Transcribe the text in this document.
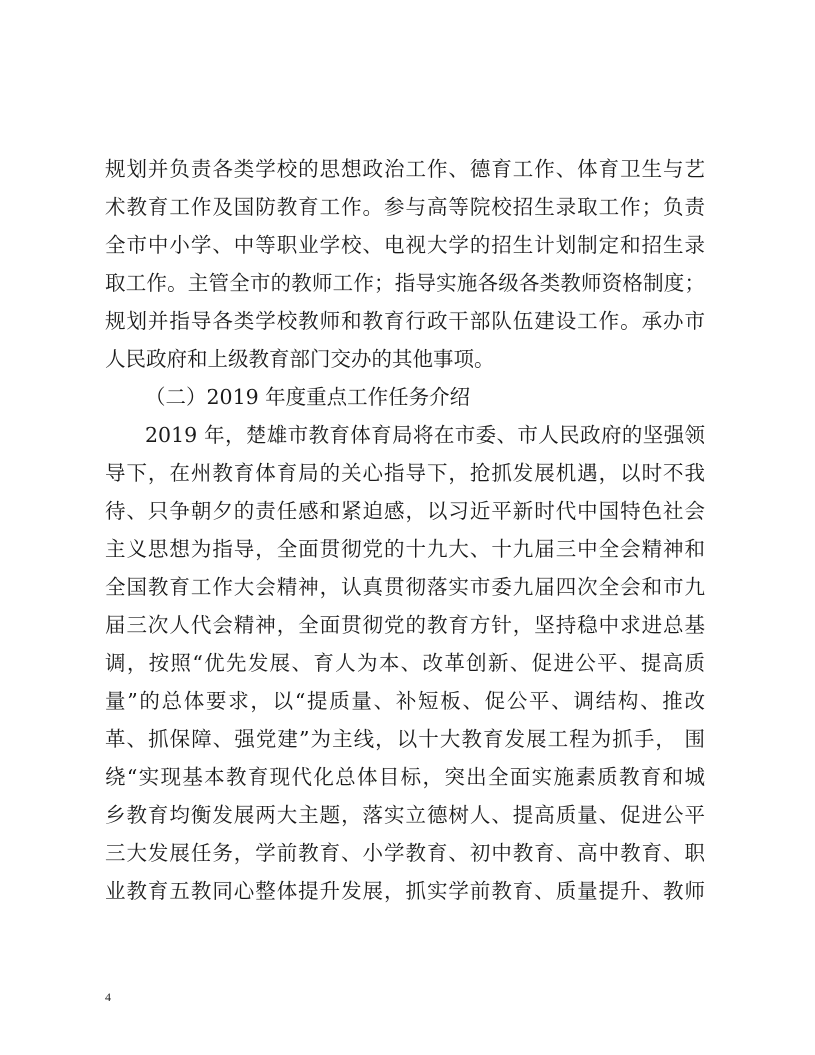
规划并负责各类学校的思想政治工作、德育工作、体育卫生与艺
术教育工作及国防教育工作。参与高等院校招生录取工作；负责
全市中小学、中等职业学校、电视大学的招生计划制定和招生录
取工作。主管全市的教师工作；指导实施各级各类教师资格制度；
规划并指导各类学校教师和教育行政干部队伍建设工作。承办市
人民政府和上级教育部门交办的其他事项。
（二）2019 年度重点工作任务介绍
2019 年，楚雄市教育体育局将在市委、市人民政府的坚强领
导下，在州教育体育局的关心指导下，抢抓发展机遇，以时不我
待、只争朝夕的责任感和紧迫感，以习近平新时代中国特色社会
主义思想为指导，全面贯彻党的十九大、十九届三中全会精神和
全国教育工作大会精神，认真贯彻落实市委九届四次全会和市九
届三次人代会精神，全面贯彻党的教育方针，坚持稳中求进总基
调，按照“优先发展、育人为本、改革创新、促进公平、提高质
量”的总体要求，以“提质量、补短板、促公平、调结构、推改
革、抓保障、强党建”为主线，以十大教育发展工程为抓手， 围
绕“实现基本教育现代化总体目标，突出全面实施素质教育和城
乡教育均衡发展两大主题，落实立德树人、提高质量、促进公平
三大发展任务，学前教育、小学教育、初中教育、高中教育、职
业教育五教同心整体提升发展，抓实学前教育、质量提升、教师
4
